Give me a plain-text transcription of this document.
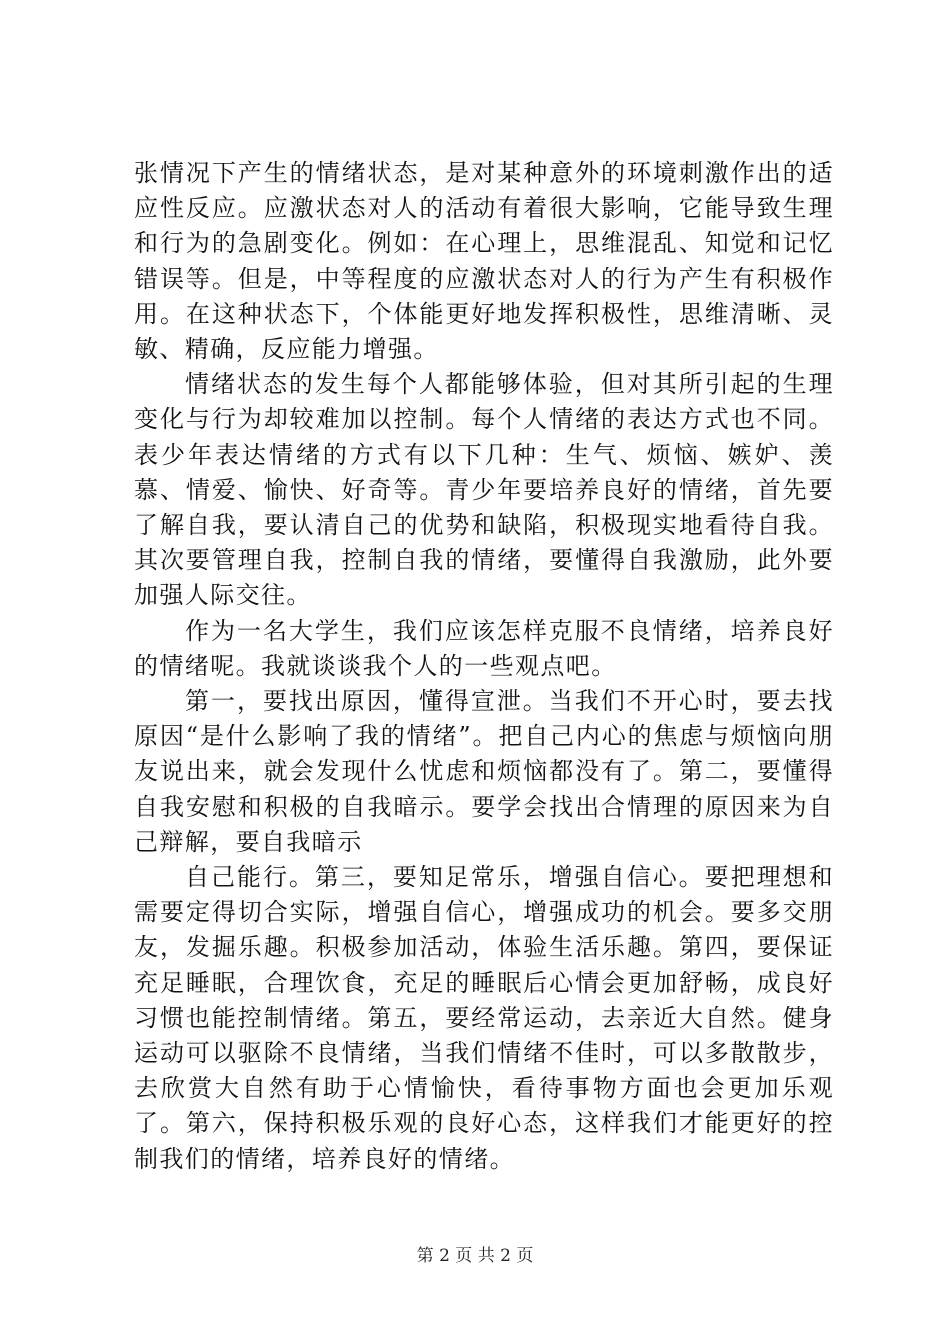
张情况下产生的情绪状态，是对某种意外的环境刺激作出的适应性反应。应激状态对人的活动有着很大影响，它能导致生理和行为的急剧变化。例如：在心理上，思维混乱、知觉和记忆错误等。但是，中等程度的应激状态对人的行为产生有积极作用。在这种状态下，个体能更好地发挥积极性，思维清晰、灵敏、精确，反应能力增强。

情绪状态的发生每个人都能够体验，但对其所引起的生理变化与行为却较难加以控制。每个人情绪的表达方式也不同。表少年表达情绪的方式有以下几种：生气、烦恼、嫉妒、羡慕、情爱、愉快、好奇等。青少年要培养良好的情绪，首先要了解自我，要认清自己的优势和缺陷，积极现实地看待自我。其次要管理自我，控制自我的情绪，要懂得自我激励，此外要加强人际交往。

作为一名大学生，我们应该怎样克服不良情绪，培养良好的情绪呢。我就谈谈我个人的一些观点吧。

第一，要找出原因，懂得宣泄。当我们不开心时，要去找原因“是什么影响了我的情绪”。把自己内心的焦虑与烦恼向朋友说出来，就会发现什么忧虑和烦恼都没有了。第二，要懂得自我安慰和积极的自我暗示。要学会找出合情理的原因来为自己辩解，要自我暗示

自己能行。第三，要知足常乐，增强自信心。要把理想和需要定得切合实际，增强自信心，增强成功的机会。要多交朋友，发掘乐趣。积极参加活动，体验生活乐趣。第四，要保证充足睡眠，合理饮食，充足的睡眠后心情会更加舒畅，成良好习惯也能控制情绪。第五，要经常运动，去亲近大自然。健身运动可以驱除不良情绪，当我们情绪不佳时，可以多散散步，去欣赏大自然有助于心情愉快，看待事物方面也会更加乐观了。第六，保持积极乐观的良好心态，这样我们才能更好的控制我们的情绪，培养良好的情绪。

第 2 页 共 2 页
